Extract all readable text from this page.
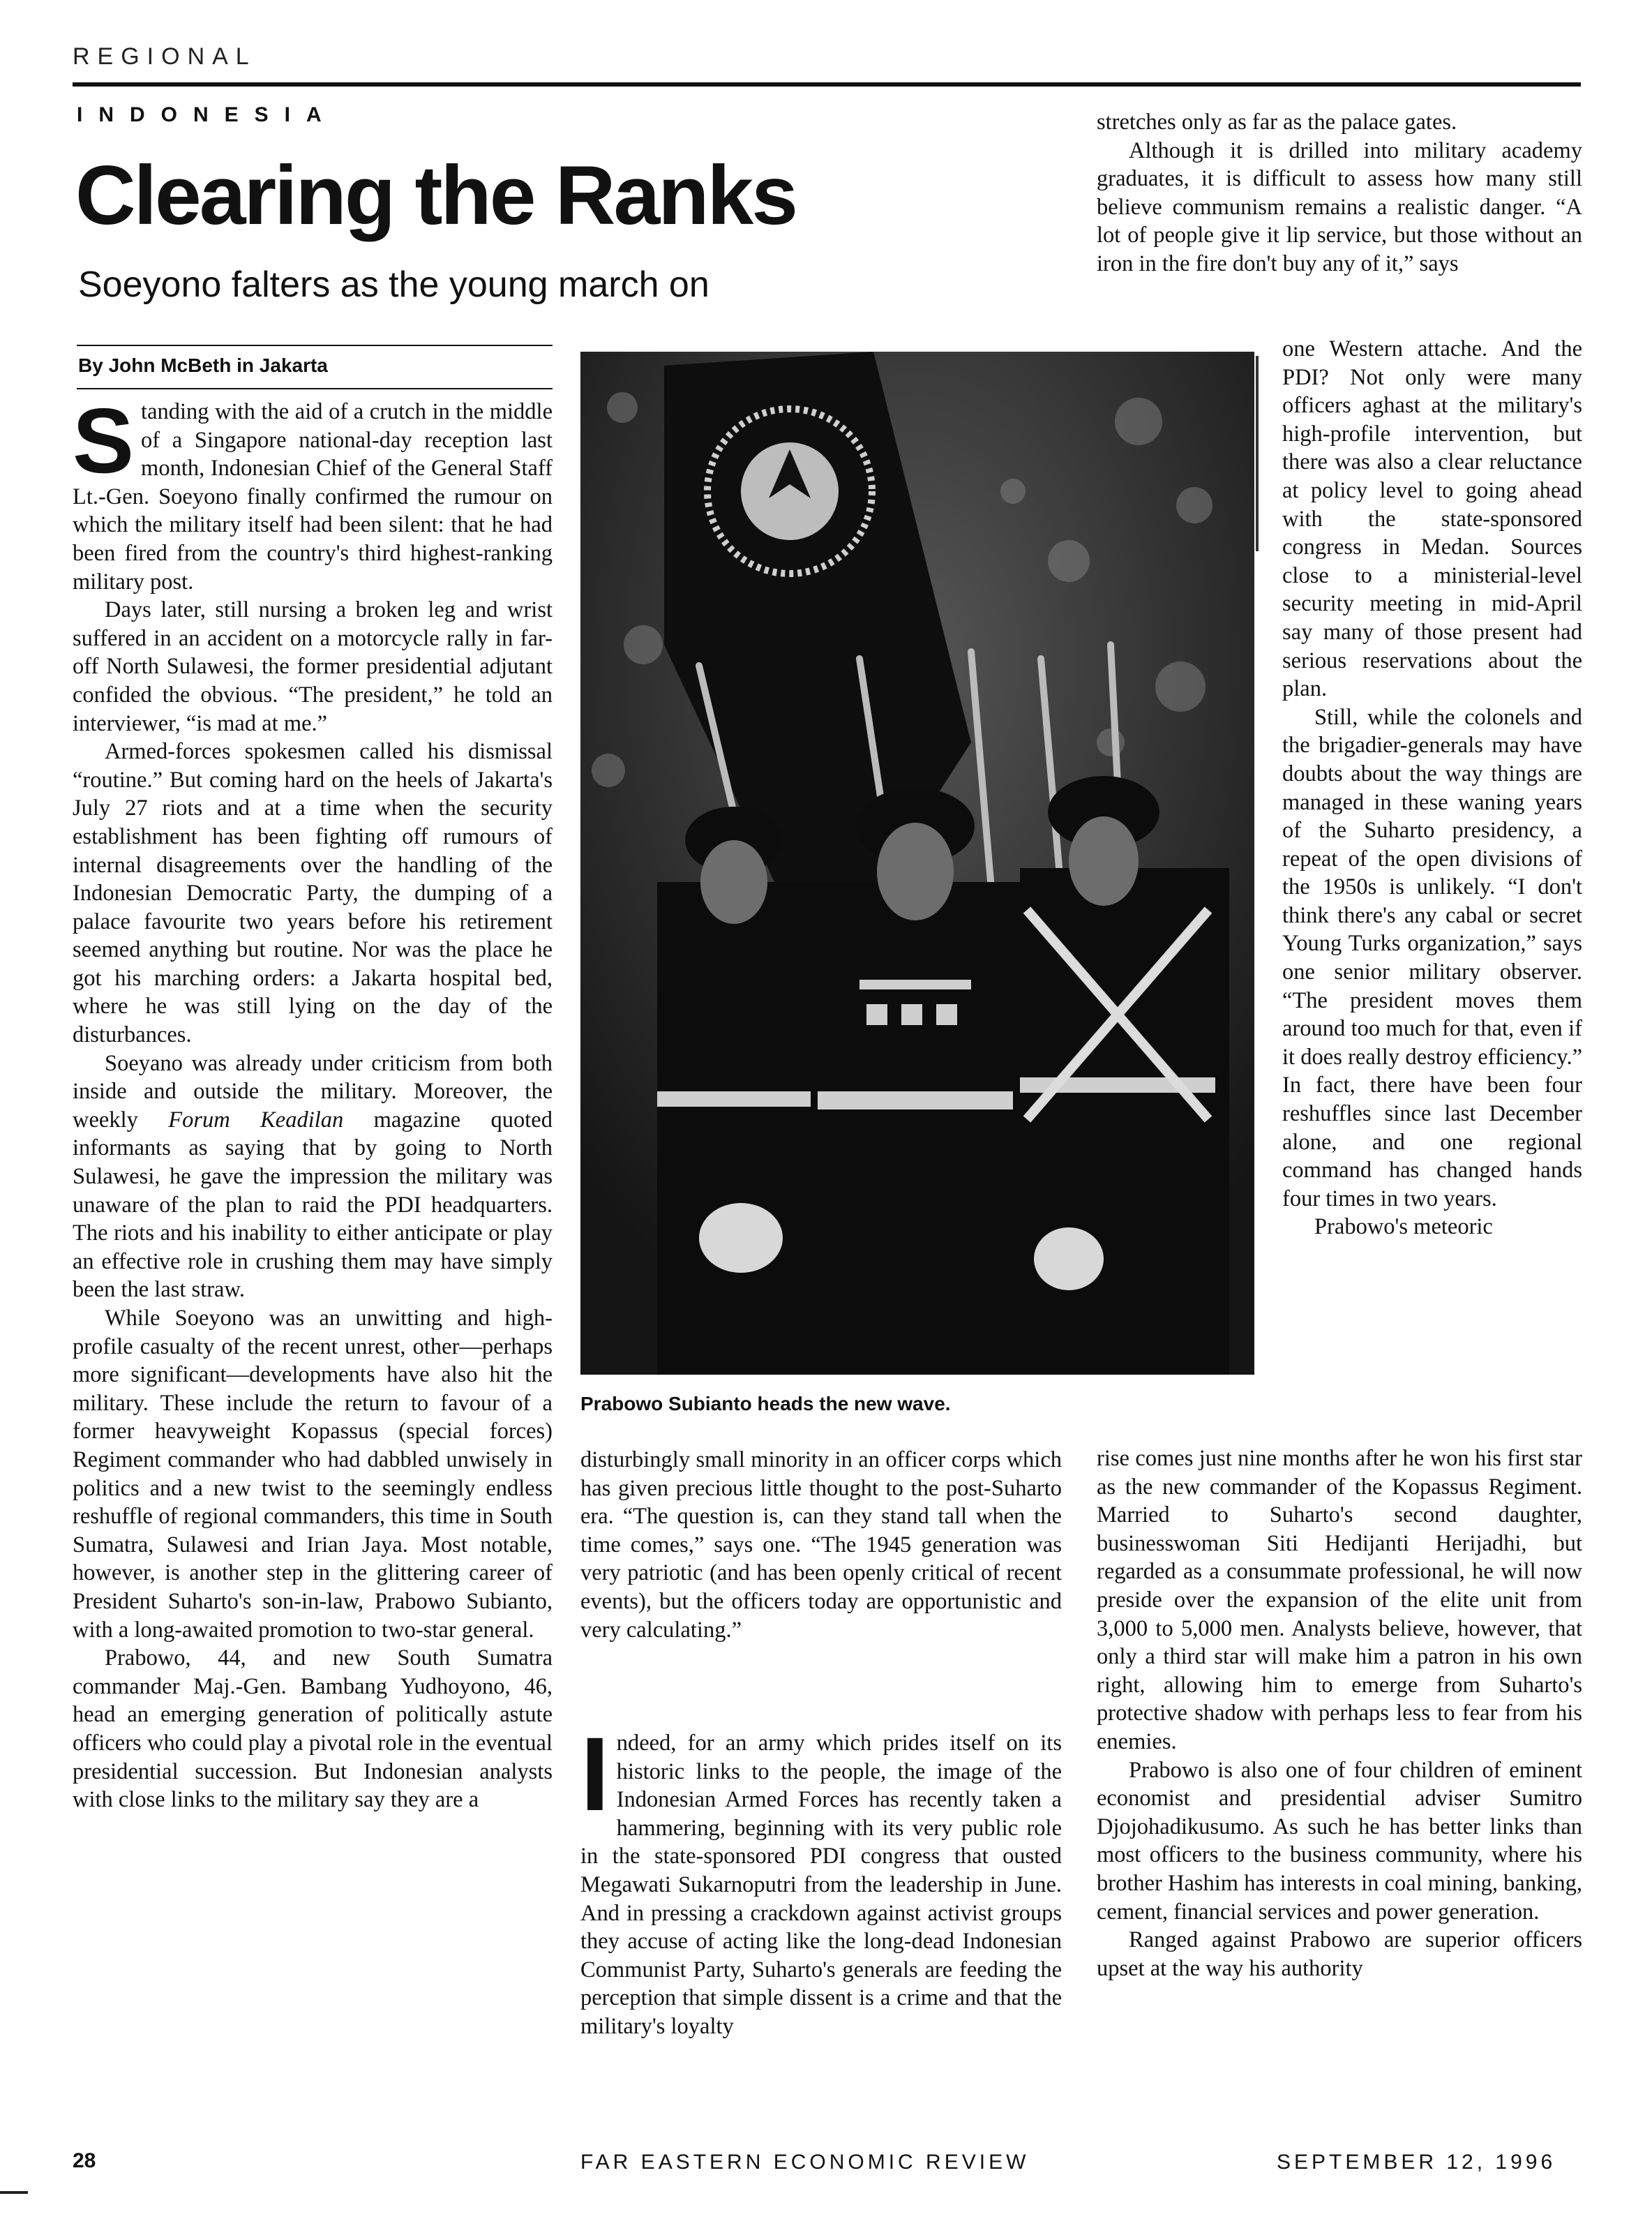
REGIONAL
INDONESIA
Clearing the Ranks
Soeyono falters as the young march on
By John McBeth in Jakarta

Standing with the aid of a crutch in the middle of a Singapore national-day reception last month, Indonesian Chief of the General Staff Lt.-Gen. Soeyono finally confirmed the rumour on which the military itself had been silent: that he had been fired from the country's third highest-ranking military post.

Days later, still nursing a broken leg and wrist suffered in an accident on a motorcycle rally in far-off North Sulawesi, the former presidential adjutant confided the obvious. “The president,” he told an interviewer, “is mad at me.”

Armed-forces spokesmen called his dismissal “routine.” But coming hard on the heels of Jakarta's July 27 riots and at a time when the security establishment has been fighting off rumours of internal disagreements over the handling of the Indonesian Democratic Party, the dumping of a palace favourite two years before his retirement seemed anything but routine. Nor was the place he got his marching orders: a Jakarta hospital bed, where he was still lying on the day of the disturbances.

Soeyano was already under criticism from both inside and outside the military. Moreover, the weekly Forum Keadilan magazine quoted informants as saying that by going to North Sulawesi, he gave the impression the military was unaware of the plan to raid the PDI headquarters. The riots and his inability to either anticipate or play an effective role in crushing them may have simply been the last straw.

While Soeyono was an unwitting and high-profile casualty of the recent unrest, other—perhaps more significant—developments have also hit the military. These include the return to favour of a former heavyweight Kopassus (special forces) Regiment commander who had dabbled unwisely in politics and a new twist to the seemingly endless reshuffle of regional commanders, this time in South Sumatra, Sulawesi and Irian Jaya. Most notable, however, is another step in the glittering career of President Suharto's son-in-law, Prabowo Subianto, with a long-awaited promotion to two-star general.

Prabowo, 44, and new South Sumatra commander Maj.-Gen. Bambang Yudhoyono, 46, head an emerging generation of politically astute officers who could play a pivotal role in the eventual presidential succession. But Indonesian analysts with close links to the military say they are a

Prabowo Subianto heads the new wave.

disturbingly small minority in an officer corps which has given precious little thought to the post-Suharto era. “The question is, can they stand tall when the time comes,” says one. “The 1945 generation was very patriotic (and has been openly critical of recent events), but the officers today are opportunistic and very calculating.”

Indeed, for an army which prides itself on its historic links to the people, the image of the Indonesian Armed Forces has recently taken a hammering, beginning with its very public role in the state-sponsored PDI congress that ousted Megawati Sukarnoputri from the leadership in June. And in pressing a crackdown against activist groups they accuse of acting like the long-dead Indonesian Communist Party, Suharto's generals are feeding the perception that simple dissent is a crime and that the military's loyalty

stretches only as far as the palace gates.

Although it is drilled into military academy graduates, it is difficult to assess how many still believe communism remains a realistic danger. “A lot of people give it lip service, but those without an iron in the fire don't buy any of it,” says

one Western attache. And the PDI? Not only were many officers aghast at the military's high-profile intervention, but there was also a clear reluctance at policy level to going ahead with the state-sponsored congress in Medan. Sources close to a ministerial-level security meeting in mid-April say many of those present had serious reservations about the plan.

Still, while the colonels and the brigadier-generals may have doubts about the way things are managed in these waning years of the Suharto presidency, a repeat of the open divisions of the 1950s is unlikely. “I don't think there's any cabal or secret Young Turks organization,” says one senior military observer. “The president moves them around too much for that, even if it does really destroy efficiency.” In fact, there have been four reshuffles since last December alone, and one regional command has changed hands four times in two years.

Prabowo's meteoric

rise comes just nine months after he won his first star as the new commander of the Kopassus Regiment. Married to Suharto's second daughter, businesswoman Siti Hedijanti Herijadhi, but regarded as a consummate professional, he will now preside over the expansion of the elite unit from 3,000 to 5,000 men. Analysts believe, however, that only a third star will make him a patron in his own right, allowing him to emerge from Suharto's protective shadow with perhaps less to fear from his enemies.

Prabowo is also one of four children of eminent economist and presidential adviser Sumitro Djojohadikusumo. As such he has better links than most officers to the business community, where his brother Hashim has interests in coal mining, banking, cement, financial services and power generation.

Ranged against Prabowo are superior officers upset at the way his authority

28	FAR EASTERN ECONOMIC REVIEW	SEPTEMBER 12, 1996
